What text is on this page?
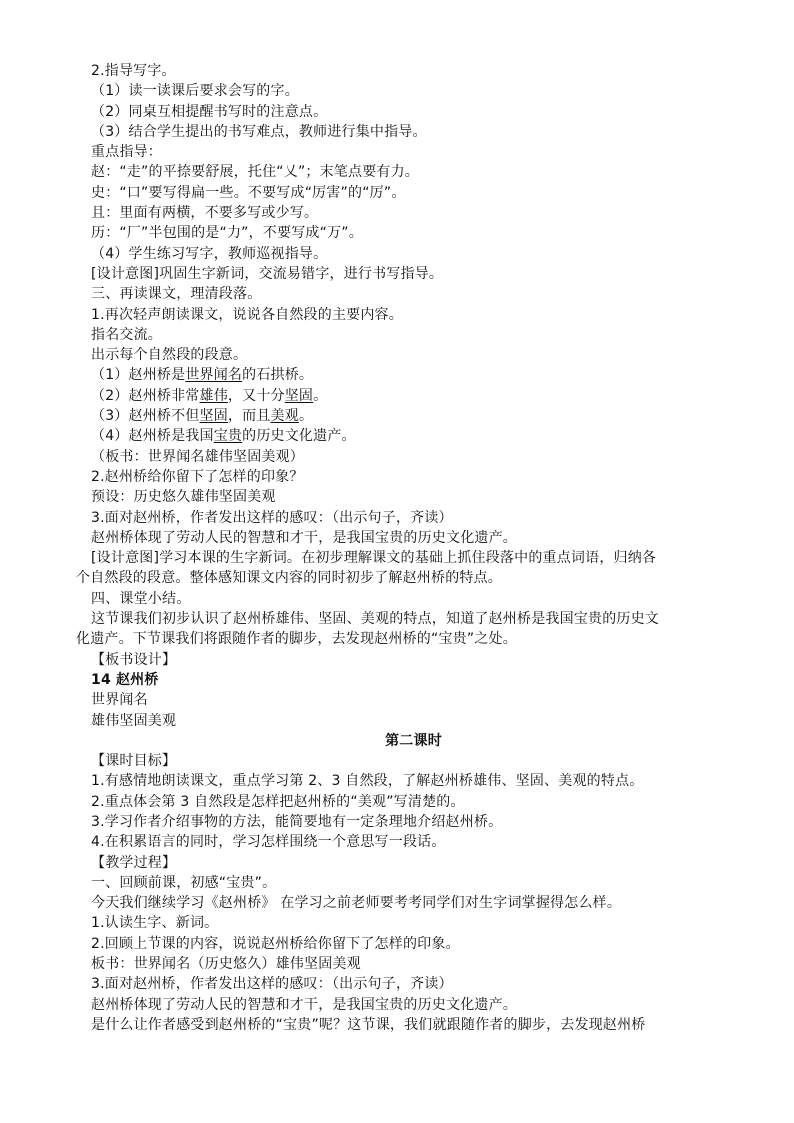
2.指导写字。
（1）读一读课后要求会写的字。
（2）同桌互相提醒书写时的注意点。
（3）结合学生提出的书写难点，教师进行集中指导。
重点指导：
赵：“走”的平捺要舒展，托住“乂”；末笔点要有力。
史：“口”要写得扁一些。不要写成“厉害”的“厉”。
且：里面有两横，不要多写或少写。
历：“厂”半包围的是“力”，不要写成“万”。
（4）学生练习写字，教师巡视指导。
[设计意图]巩固生字新词，交流易错字，进行书写指导。
三、再读课文，理清段落。
1.再次轻声朗读课文，说说各自然段的主要内容。
指名交流。
出示每个自然段的段意。
（1）赵州桥是世界闻名的石拱桥。
（2）赵州桥非常雄伟，又十分坚固。
（3）赵州桥不但坚固，而且美观。
（4）赵州桥是我国宝贵的历史文化遗产。
（板书：世界闻名雄伟坚固美观）
2.赵州桥给你留下了怎样的印象？
预设：历史悠久雄伟坚固美观
3.面对赵州桥，作者发出这样的感叹：（出示句子，齐读）
赵州桥体现了劳动人民的智慧和才干，是我国宝贵的历史文化遗产。
[设计意图]学习本课的生字新词。在初步理解课文的基础上抓住段落中的重点词语，归纳各
个自然段的段意。整体感知课文内容的同时初步了解赵州桥的特点。
四、课堂小结。
这节课我们初步认识了赵州桥雄伟、坚固、美观的特点，知道了赵州桥是我国宝贵的历史文
化遗产。下节课我们将跟随作者的脚步，去发现赵州桥的“宝贵”之处。
【板书设计】
14 赵州桥
世界闻名
雄伟坚固美观
第二课时
【课时目标】
1.有感情地朗读课文，重点学习第 2、3 自然段，了解赵州桥雄伟、坚固、美观的特点。
2.重点体会第 3 自然段是怎样把赵州桥的“美观”写清楚的。
3.学习作者介绍事物的方法，能简要地有一定条理地介绍赵州桥。
4.在积累语言的同时，学习怎样围绕一个意思写一段话。
【教学过程】
一、回顾前课，初感“宝贵”。
今天我们继续学习《赵州桥》 在学习之前老师要考考同学们对生字词掌握得怎么样。
1.认读生字、新词。
2.回顾上节课的内容，说说赵州桥给你留下了怎样的印象。
板书：世界闻名（历史悠久）雄伟坚固美观
3.面对赵州桥，作者发出这样的感叹：（出示句子，齐读）
赵州桥体现了劳动人民的智慧和才干，是我国宝贵的历史文化遗产。
是什么让作者感受到赵州桥的“宝贵”呢？这节课，我们就跟随作者的脚步，去发现赵州桥
